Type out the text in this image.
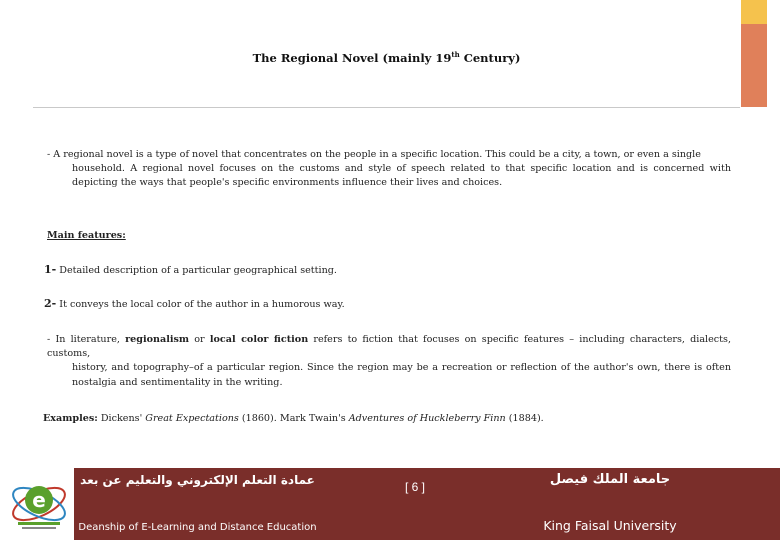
The Regional Novel (mainly 19th Century)
- A regional novel is a type of novel that concentrates on the people in a specific location. This could be a city, a town, or even a single
household. A regional novel focuses on the customs and style of speech related to that specific location and is concerned with depicting the ways that people's specific environments influence their lives and choices.
Main features:
1- Detailed description of a particular geographical setting.
2- It conveys the local color of the author in a humorous way.
- In literature, regionalism or local color fiction refers to fiction that focuses on specific features – including characters, dialects, customs,
history, and topography–of a particular region. Since the region may be a recreation or reflection of the author's own, there is often nostalgia and sentimentality in the writing.
Examples: Dickens' Great Expectations (1860). Mark Twain's Adventures of Huckleberry Finn (1884).
e
عمادة التعلم الإلكتروني والتعليم عن بعد
Deanship of E-Learning and Distance Education
[ 6 ]	جامعة الملك فيصل
King Faisal University
